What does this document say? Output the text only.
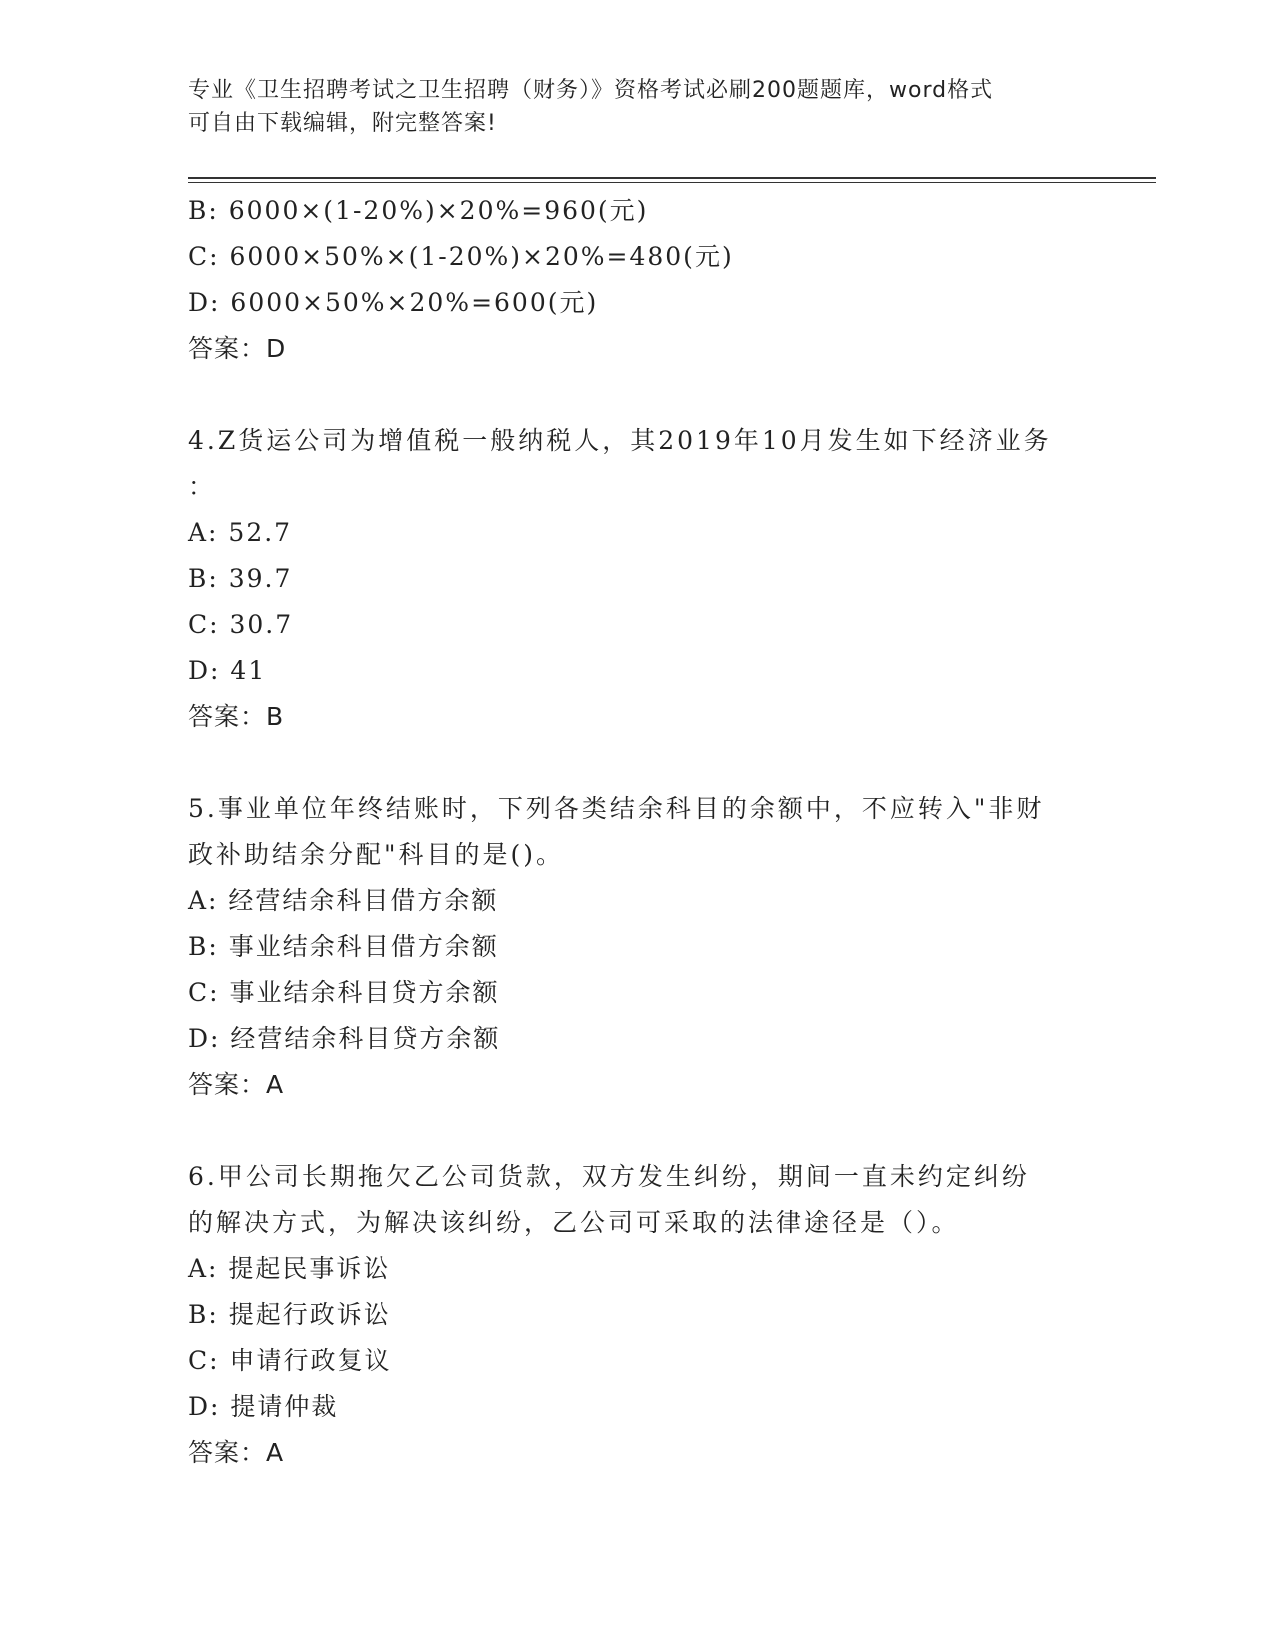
专业《卫生招聘考试之卫生招聘（财务）》资格考试必刷200题题库，word格式
可自由下载编辑，附完整答案!
B: 6000×(1-20%)×20%=960(元)
C: 6000×50%×(1-20%)×20%=480(元)
D: 6000×50%×20%=600(元)
答案：D
4.Z货运公司为增值税一般纳税人，其2019年10月发生如下经济业务
：
A: 52.7
B: 39.7
C: 30.7
D: 41
答案：B
5.事业单位年终结账时，下列各类结余科目的余额中，不应转入"非财
政补助结余分配"科目的是()。
A: 经营结余科目借方余额
B: 事业结余科目借方余额
C: 事业结余科目贷方余额
D: 经营结余科目贷方余额
答案：A
6.甲公司长期拖欠乙公司货款，双方发生纠纷，期间一直未约定纠纷
的解决方式，为解决该纠纷，乙公司可采取的法律途径是（）。
A: 提起民事诉讼
B: 提起行政诉讼
C: 申请行政复议
D: 提请仲裁
答案：A
